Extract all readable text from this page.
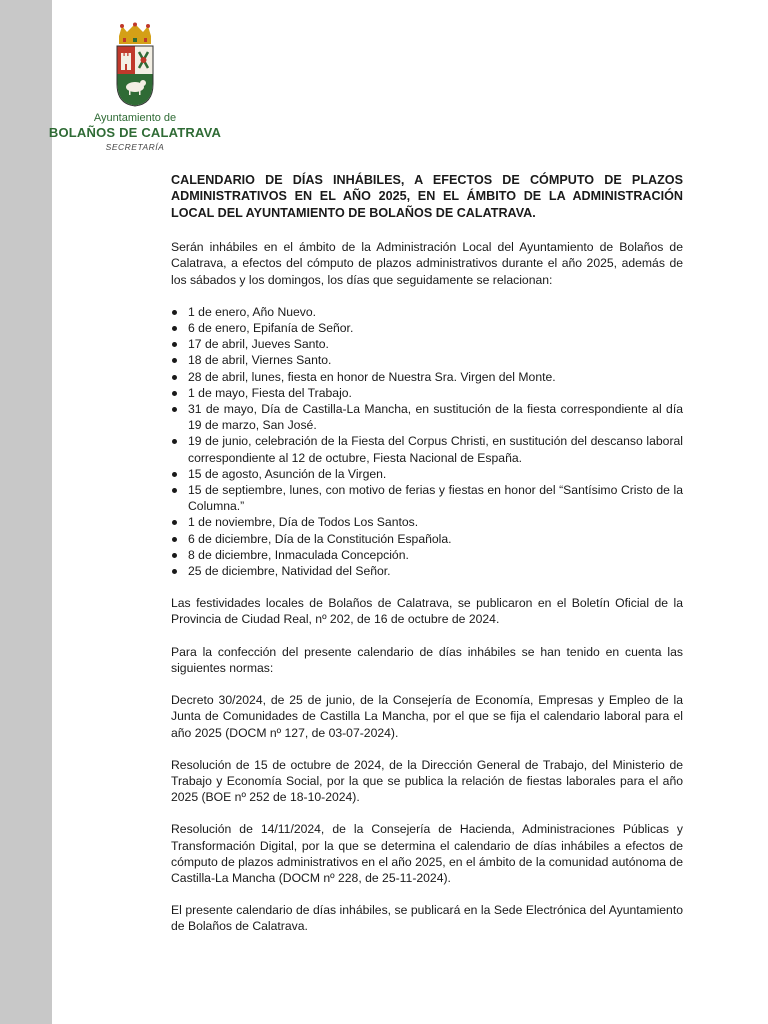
Ayuntamiento de
BOLAÑOS DE CALATRAVA
SECRETARÍA

CALENDARIO DE DÍAS INHÁBILES, A EFECTOS DE CÓMPUTO DE PLAZOS ADMINISTRATIVOS EN EL AÑO 2025, EN EL ÁMBITO DE LA ADMINISTRACIÓN LOCAL DEL AYUNTAMIENTO DE BOLAÑOS DE CALATRAVA.

Serán inhábiles en el ámbito de la Administración Local del Ayuntamiento de Bolaños de Calatrava, a efectos del cómputo de plazos administrativos durante el año 2025, además de los sábados y los domingos, los días que seguidamente se relacionan:

1 de enero, Año Nuevo.
6 de enero, Epifanía de Señor.
17 de abril, Jueves Santo.
18 de abril, Viernes Santo.
28 de abril, lunes, fiesta en honor de Nuestra Sra. Virgen del Monte.
1 de mayo, Fiesta del Trabajo.
31 de mayo, Día de Castilla-La Mancha, en sustitución de la fiesta correspondiente al día 19 de marzo, San José.
19 de junio, celebración de la Fiesta del Corpus Christi, en sustitución del descanso laboral correspondiente al 12 de octubre, Fiesta Nacional de España.
15 de agosto, Asunción de la Virgen.
15 de septiembre, lunes, con motivo de ferias y fiestas en honor del “Santísimo Cristo de la Columna.”
1 de noviembre, Día de Todos Los Santos.
6 de diciembre, Día de la Constitución Española.
8 de diciembre, Inmaculada Concepción.
25 de diciembre, Natividad del Señor.

Las festividades locales de Bolaños de Calatrava, se publicaron en el Boletín Oficial de la Provincia de Ciudad Real, nº 202, de 16 de octubre de 2024.

Para la confección del presente calendario de días inhábiles se han tenido en cuenta las siguientes normas:

Decreto 30/2024, de 25 de junio, de la Consejería de Economía, Empresas y Empleo de la Junta de Comunidades de Castilla La Mancha, por el que se fija el calendario laboral para el año 2025 (DOCM nº 127, de 03-07-2024).

Resolución de 15 de octubre de 2024, de la Dirección General de Trabajo, del Ministerio de Trabajo y Economía Social, por la que se publica la relación de fiestas laborales para el año 2025 (BOE nº 252 de 18-10-2024).

Resolución de 14/11/2024, de la Consejería de Hacienda, Administraciones Públicas y Transformación Digital, por la que se determina el calendario de días inhábiles a efectos de cómputo de plazos administrativos en el año 2025, en el ámbito de la comunidad autónoma de Castilla-La Mancha (DOCM nº 228, de 25-11-2024).

El presente calendario de días inhábiles, se publicará en la Sede Electrónica del Ayuntamiento de Bolaños de Calatrava.
